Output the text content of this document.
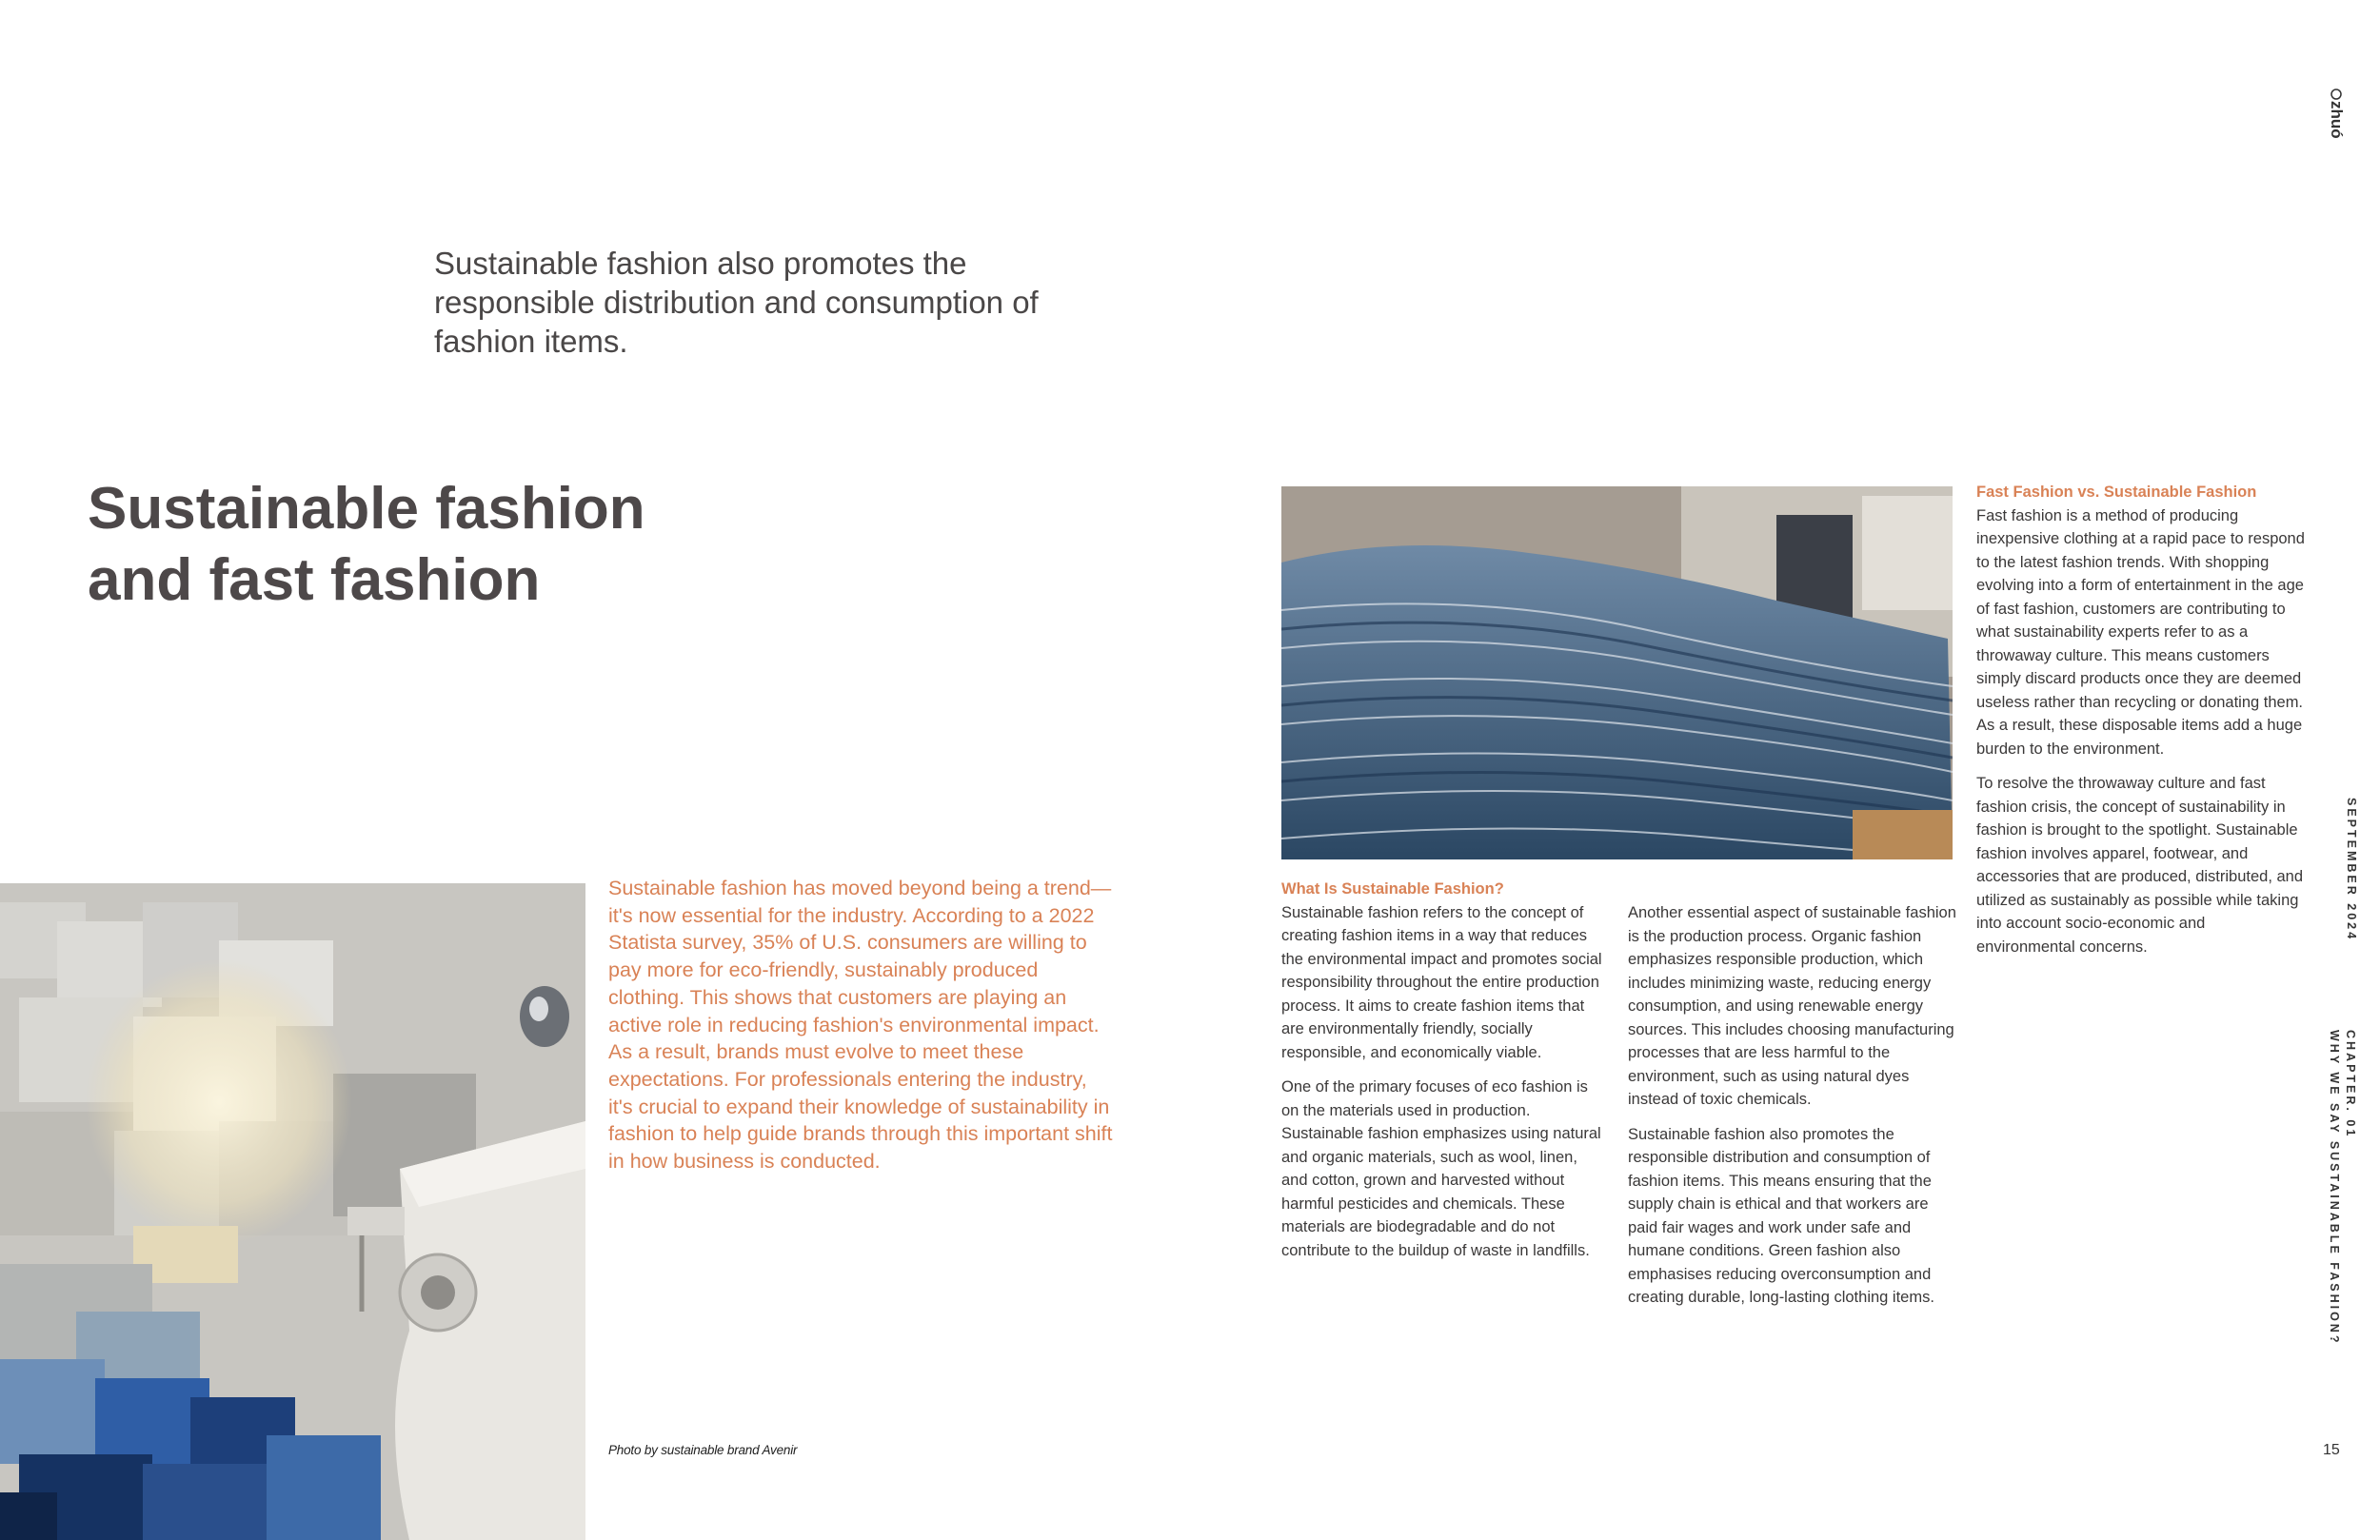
zhuó

Sustainable fashion also promotes the responsible distribution and consumption of fashion items.

Sustainable fashion
and fast fashion

Sustainable fashion has moved beyond being a trend—it's now essential for the industry. According to a 2022 Statista survey, 35% of U.S. consumers are willing to pay more for eco-friendly, sustainably produced clothing. This shows that customers are playing an active role in reducing fashion's environmental impact. As a result, brands must evolve to meet these expectations. For professionals entering the industry, it's crucial to expand their knowledge of sustainability in fashion to help guide brands through this important shift in how business is conducted.

Photo by sustainable brand Avenir
What Is Sustainable Fashion?

Sustainable fashion refers to the concept of creating fashion items in a way that reduces the environmental impact and promotes social responsibility throughout the entire production process. It aims to create fashion items that are environmentally friendly, socially responsible, and economically viable.

One of the primary focuses of eco fashion is on the materials used in production. Sustainable fashion emphasizes using natural and organic materials, such as wool, linen, and cotton, grown and harvested without harmful pesticides and chemicals. These materials are biodegradable and do not contribute to the buildup of waste in landfills.

Another essential aspect of sustainable fashion is the production process. Organic fashion emphasizes responsible production, which includes minimizing waste, reducing energy consumption, and using renewable energy sources. This includes choosing manufacturing processes that are less harmful to the environment, such as using natural dyes instead of toxic chemicals.

Sustainable fashion also promotes the responsible distribution and consumption of fashion items. This means ensuring that the supply chain is ethical and that workers are paid fair wages and work under safe and humane conditions. Green fashion also emphasises reducing overconsumption and creating durable, long-lasting clothing items.

Fast Fashion vs. Sustainable Fashion

Fast fashion is a method of producing inexpensive clothing at a rapid pace to respond to the latest fashion trends. With shopping evolving into a form of entertainment in the age of fast fashion, customers are contributing to what sustainability experts refer to as a throwaway culture. This means customers simply discard products once they are deemed useless rather than recycling or donating them. As a result, these disposable items add a huge burden to the environment.

To resolve the throwaway culture and fast fashion crisis, the concept of sustainability in fashion is brought to the spotlight. Sustainable fashion involves apparel, footwear, and accessories that are produced, distributed, and utilized as sustainably as possible while taking into account socio-economic and environmental concerns.

SEPTEMBER 2024
CHAPTER. 01
WHY WE SAY SUSTAINABLE FASHION?
15
